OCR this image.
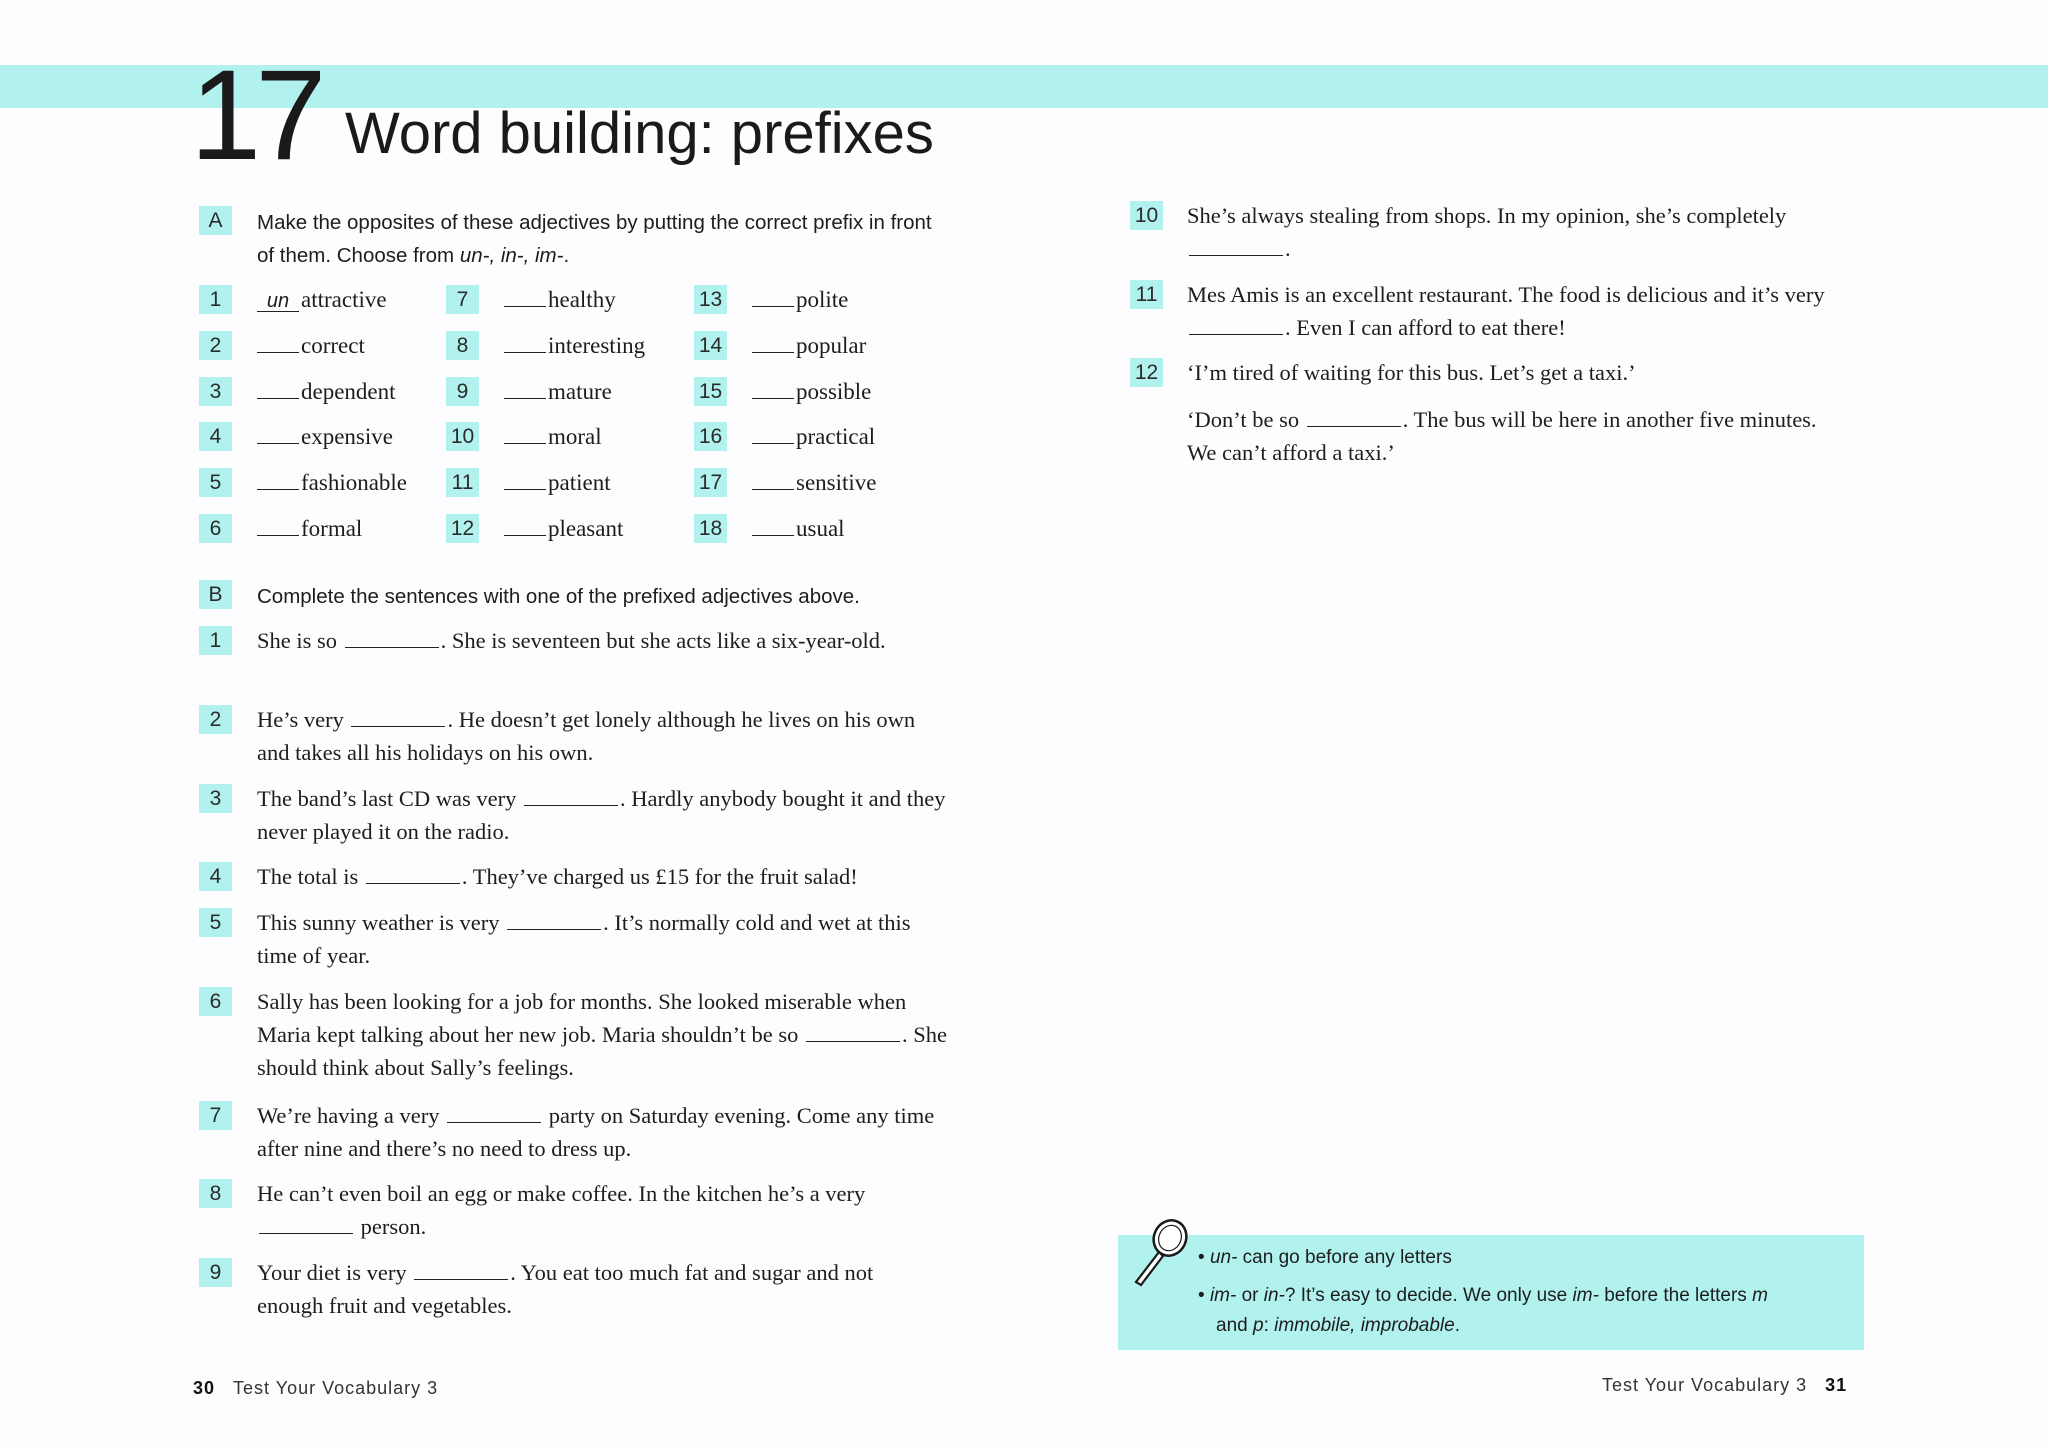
17 Word building: prefixes
A	Make the opposites of these adjectives by putting the correct prefix in front of them. Choose from un-, in-, im-.
1	un attractive
2	correct
3	dependent
4	expensive
5	fashionable
6	formal
7	healthy
8	interesting
9	mature
10	moral
11	patient
12	pleasant
13	polite
14	popular
15	possible
16	practical
17	sensitive
18	usual
B	Complete the sentences with one of the prefixed adjectives above.
1	She is so	. She is seventeen but she acts like a six-year-old.
2	He’s very	. He doesn’t get lonely although he lives on his own and takes all his holidays on his own.
3	The band’s last CD was very	. Hardly anybody bought it and they never played it on the radio.
4	The total is	. They’ve charged us £15 for the fruit salad!
5	This sunny weather is very	. It’s normally cold and wet at this time of year.
6	Sally has been looking for a job for months. She looked miserable when Maria kept talking about her new job. Maria shouldn’t be so	. She should think about Sally’s feelings.
7	We’re having a very	party on Saturday evening. Come any time after nine and there’s no need to dress up.
8	He can’t even boil an egg or make coffee. In the kitchen he’s a very  person.
9	Your diet is very	. You eat too much fat and sugar and not enough fruit and vegetables.
10 She’s always stealing from shops. In my opinion, she’s completely .
11 Mes Amis is an excellent restaurant. The food is delicious and it’s very . Even I can afford to eat there!
12 ‘I’m tired of waiting for this bus. Let’s get a taxi.’
‘Don’t be so	. The bus will be here in another five minutes. We can’t afford a taxi.’
• un- can go before any letters
• im- or in-? It’s easy to decide. We only use im- before the letters m
and p: immobile, improbable.
30 Test Your Vocabulary 3	Test Your Vocabulary 3 31
